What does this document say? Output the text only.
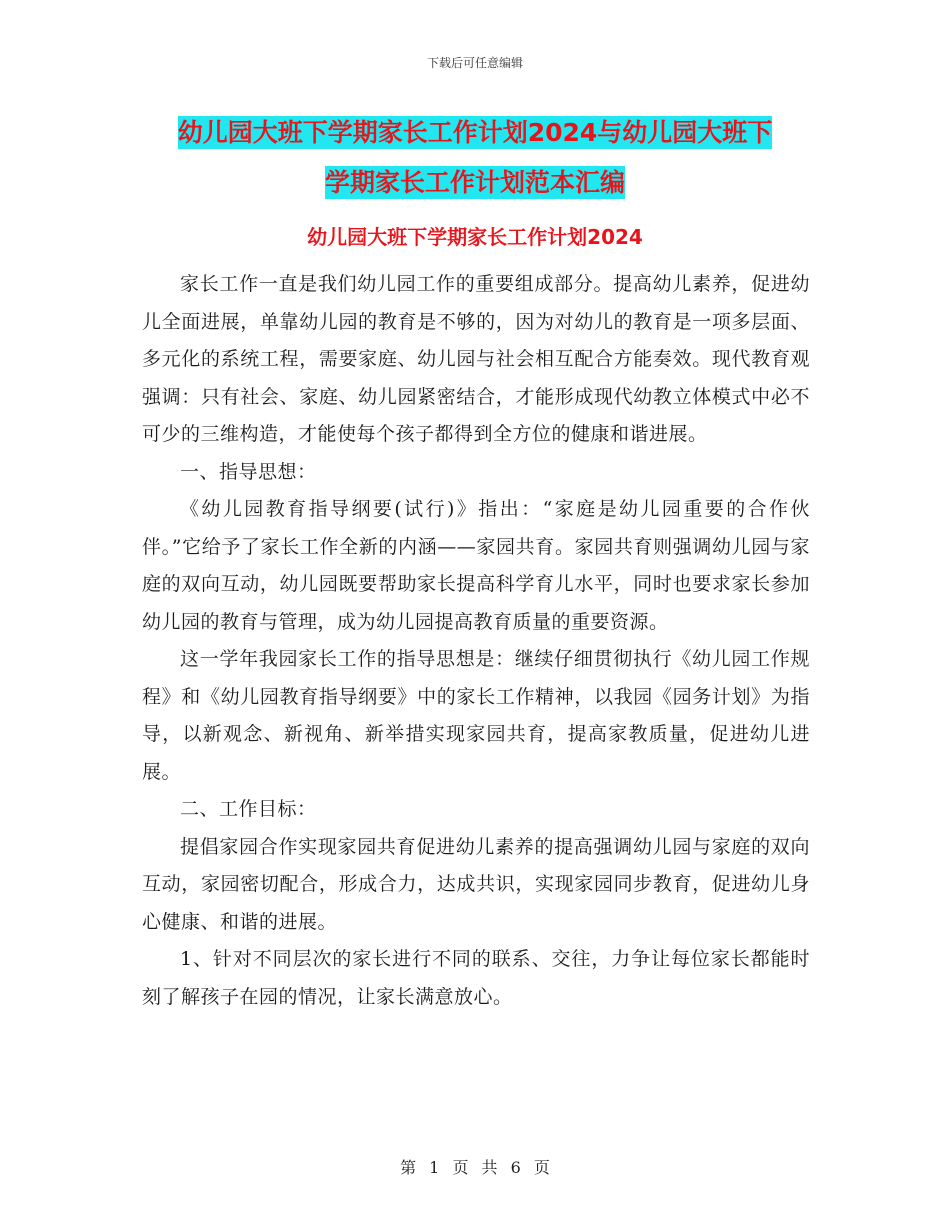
下载后可任意编辑
幼儿园大班下学期家长工作计划2024与幼儿园大班下
学期家长工作计划范本汇编
幼儿园大班下学期家长工作计划2024

家长工作一直是我们幼儿园工作的重要组成部分。提高幼儿素养，促进幼儿全面进展，单靠幼儿园的教育是不够的，因为对幼儿的教育是一项多层面、多元化的系统工程，需要家庭、幼儿园与社会相互配合方能奏效。现代教育观强调：只有社会、家庭、幼儿园紧密结合，才能形成现代幼教立体模式中必不可少的三维构造，才能使每个孩子都得到全方位的健康和谐进展。

一、指导思想：

《幼儿园教育指导纲要(试行)》指出：“家庭是幼儿园重要的合作伙伴。”它给予了家长工作全新的内涵——家园共育。家园共育则强调幼儿园与家庭的双向互动，幼儿园既要帮助家长提高科学育儿水平，同时也要求家长参加幼儿园的教育与管理，成为幼儿园提高教育质量的重要资源。

这一学年我园家长工作的指导思想是：继续仔细贯彻执行《幼儿园工作规程》和《幼儿园教育指导纲要》中的家长工作精神，以我园《园务计划》为指导，以新观念、新视角、新举措实现家园共育，提高家教质量，促进幼儿进展。

二、工作目标：

提倡家园合作实现家园共育促进幼儿素养的提高强调幼儿园与家庭的双向互动，家园密切配合，形成合力，达成共识，实现家园同步教育，促进幼儿身心健康、和谐的进展。

1、针对不同层次的家长进行不同的联系、交往，力争让每位家长都能时刻了解孩子在园的情况，让家长满意放心。

第 1 页 共 6 页
